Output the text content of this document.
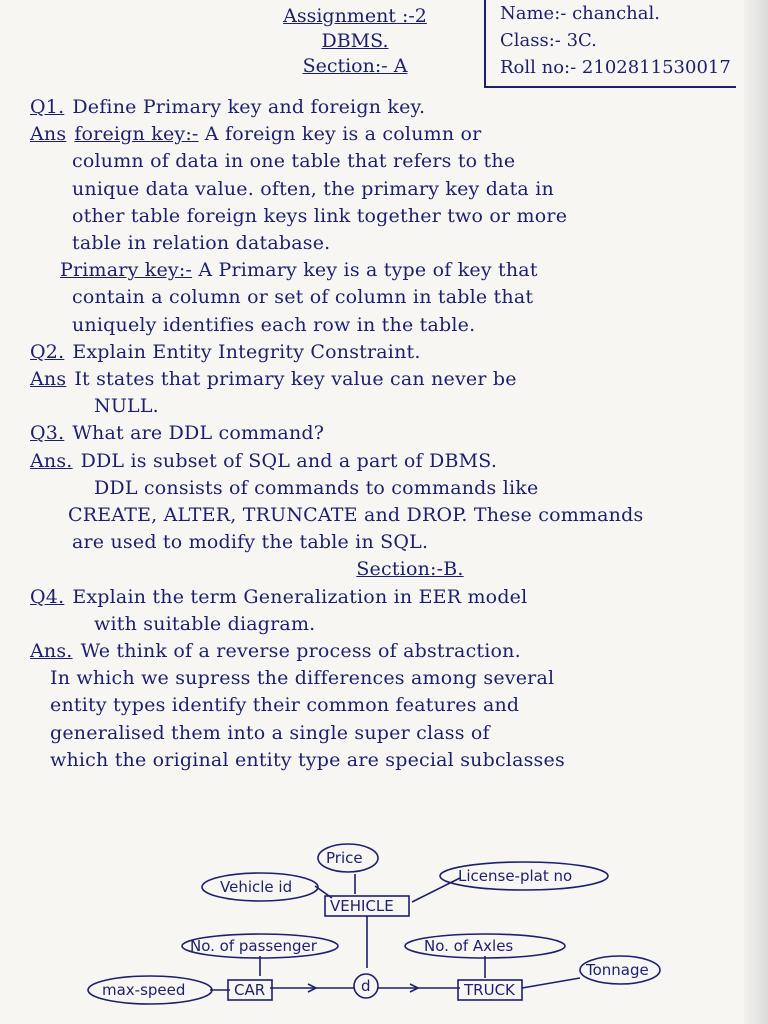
Assignment :-2
DBMS.
Section:- A
Name:- chanchal.
Class:- 3C.
Roll no:- 2102811530017
Q1. Define Primary key and foreign key.
Ans foreign key:- A foreign key is a column or
column of data in one table that refers to the
unique data value. often, the primary key data in
other table foreign keys link together two or more
table in relation database.
Primary key:- A Primary key is a type of key that
contain a column or set of column in table that
uniquely identifies each row in the table.
Q2. Explain Entity Integrity Constraint.
Ans It states that primary key value can never be
NULL.
Q3. What are DDL command?
Ans. DDL is subset of SQL and a part of DBMS.
DDL consists of commands to commands like
CREATE, ALTER, TRUNCATE and DROP. These commands
are used to modify the table in SQL.
Section:-B.
Q4. Explain the term Generalization in EER model
with suitable diagram.
Ans. We think of a reverse process of abstraction.
In which we supress the differences among several
entity types identify their common features and
generalised them into a single super class of
which the original entity type are special subclasses
Price
Vehicle id
License-plat no
VEHICLE
No. of passenger	No. of Axles
Tonnage
max-speed	CAR	TRUCK
d
